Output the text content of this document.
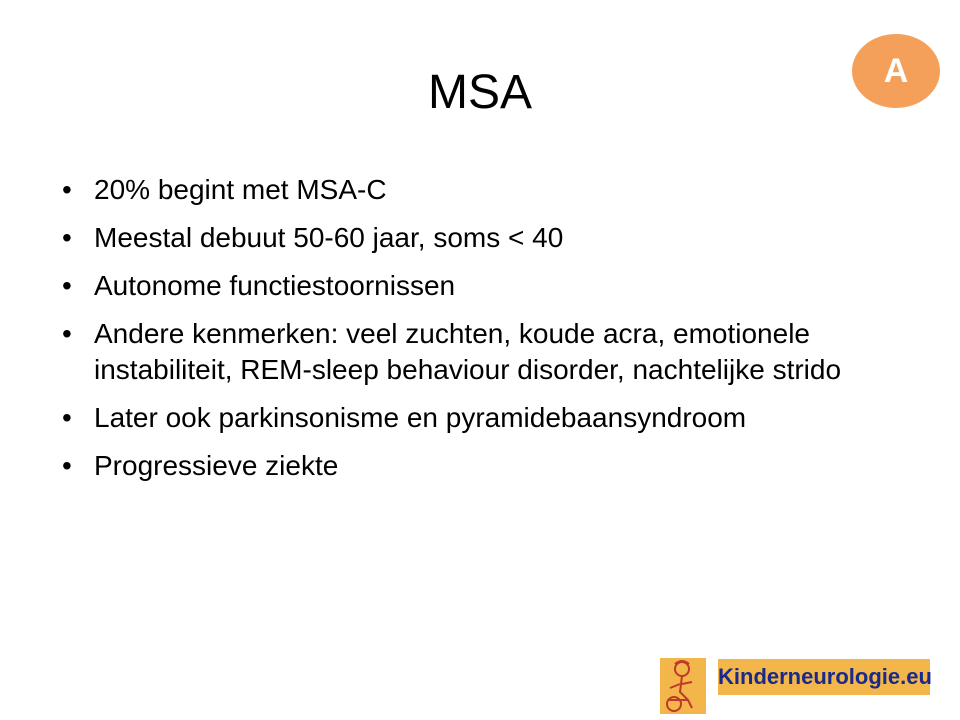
MSA	A
• 20% begint met MSA-C
• Meestal debuut 50-60 jaar, soms < 40
• Autonome functiestoornissen
• Andere kenmerken: veel zuchten, koude acra, emotionele instabiliteit, REM-sleep behaviour disorder, nachtelijke strido
• Later ook parkinsonisme en pyramidebaansyndroom
• Progressieve ziekte
Kinderneurologie.eu
